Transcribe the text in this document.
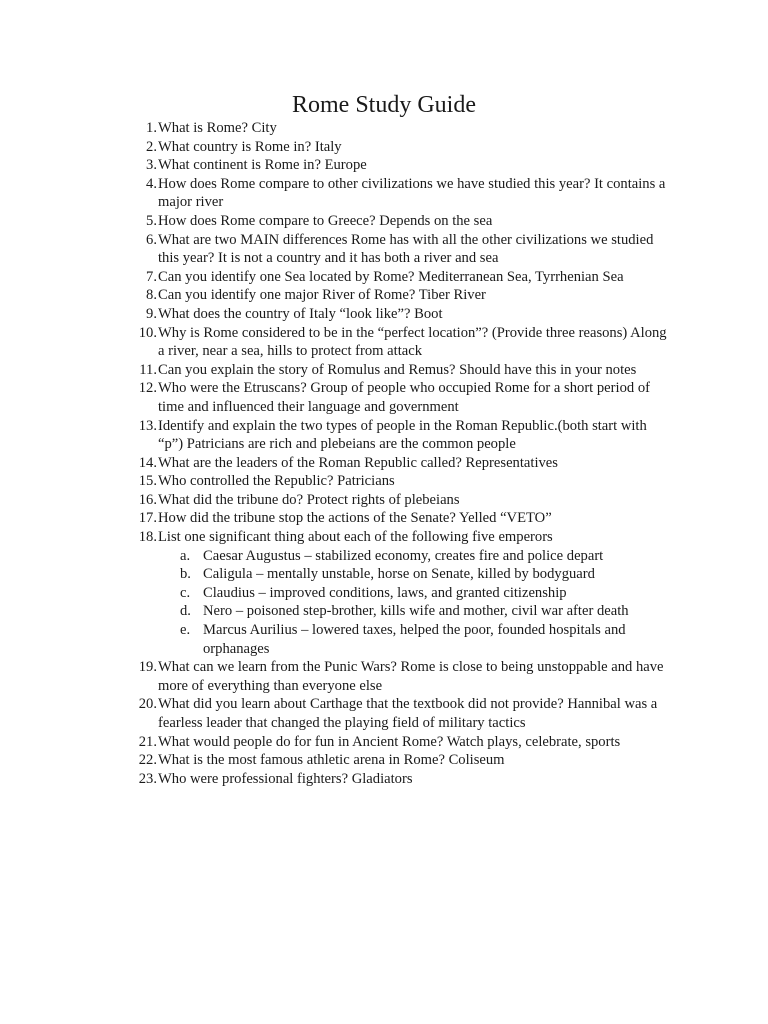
Rome Study Guide
1. What is Rome? City
2. What country is Rome in? Italy
3. What continent is Rome in? Europe
4. How does Rome compare to other civilizations we have studied this year? It contains a major river
5. How does Rome compare to Greece? Depends on the sea
6. What are two MAIN differences Rome has with all the other civilizations we studied this year? It is not a country and it has both a river and sea
7. Can you identify one Sea located by Rome? Mediterranean Sea, Tyrrhenian Sea
8. Can you identify one major River of Rome? Tiber River
9. What does the country of Italy “look like”? Boot
10. Why is Rome considered to be in the “perfect location”? (Provide three reasons) Along a river, near a sea, hills to protect from attack
11. Can you explain the story of Romulus and Remus? Should have this in your notes
12. Who were the Etruscans? Group of people who occupied Rome for a short period of time and influenced their language and government
13. Identify and explain the two types of people in the Roman Republic.(both start with “p”) Patricians are rich and plebeians are the common people
14. What are the leaders of the Roman Republic called? Representatives
15. Who controlled the Republic? Patricians
16. What did the tribune do? Protect rights of plebeians
17. How did the tribune stop the actions of the Senate? Yelled “VETO”
18. List one significant thing about each of the following five emperors
a. Caesar Augustus – stabilized economy, creates fire and police depart
b. Caligula – mentally unstable, horse on Senate, killed by bodyguard
c. Claudius – improved conditions, laws, and granted citizenship
d. Nero – poisoned step-brother, kills wife and mother, civil war after death
e. Marcus Aurilius – lowered taxes, helped the poor, founded hospitals and orphanages
19. What can we learn from the Punic Wars? Rome is close to being unstoppable and have more of everything than everyone else
20. What did you learn about Carthage that the textbook did not provide? Hannibal was a fearless leader that changed the playing field of military tactics
21. What would people do for fun in Ancient Rome? Watch plays, celebrate, sports
22. What is the most famous athletic arena in Rome? Coliseum
23. Who were professional fighters? Gladiators
